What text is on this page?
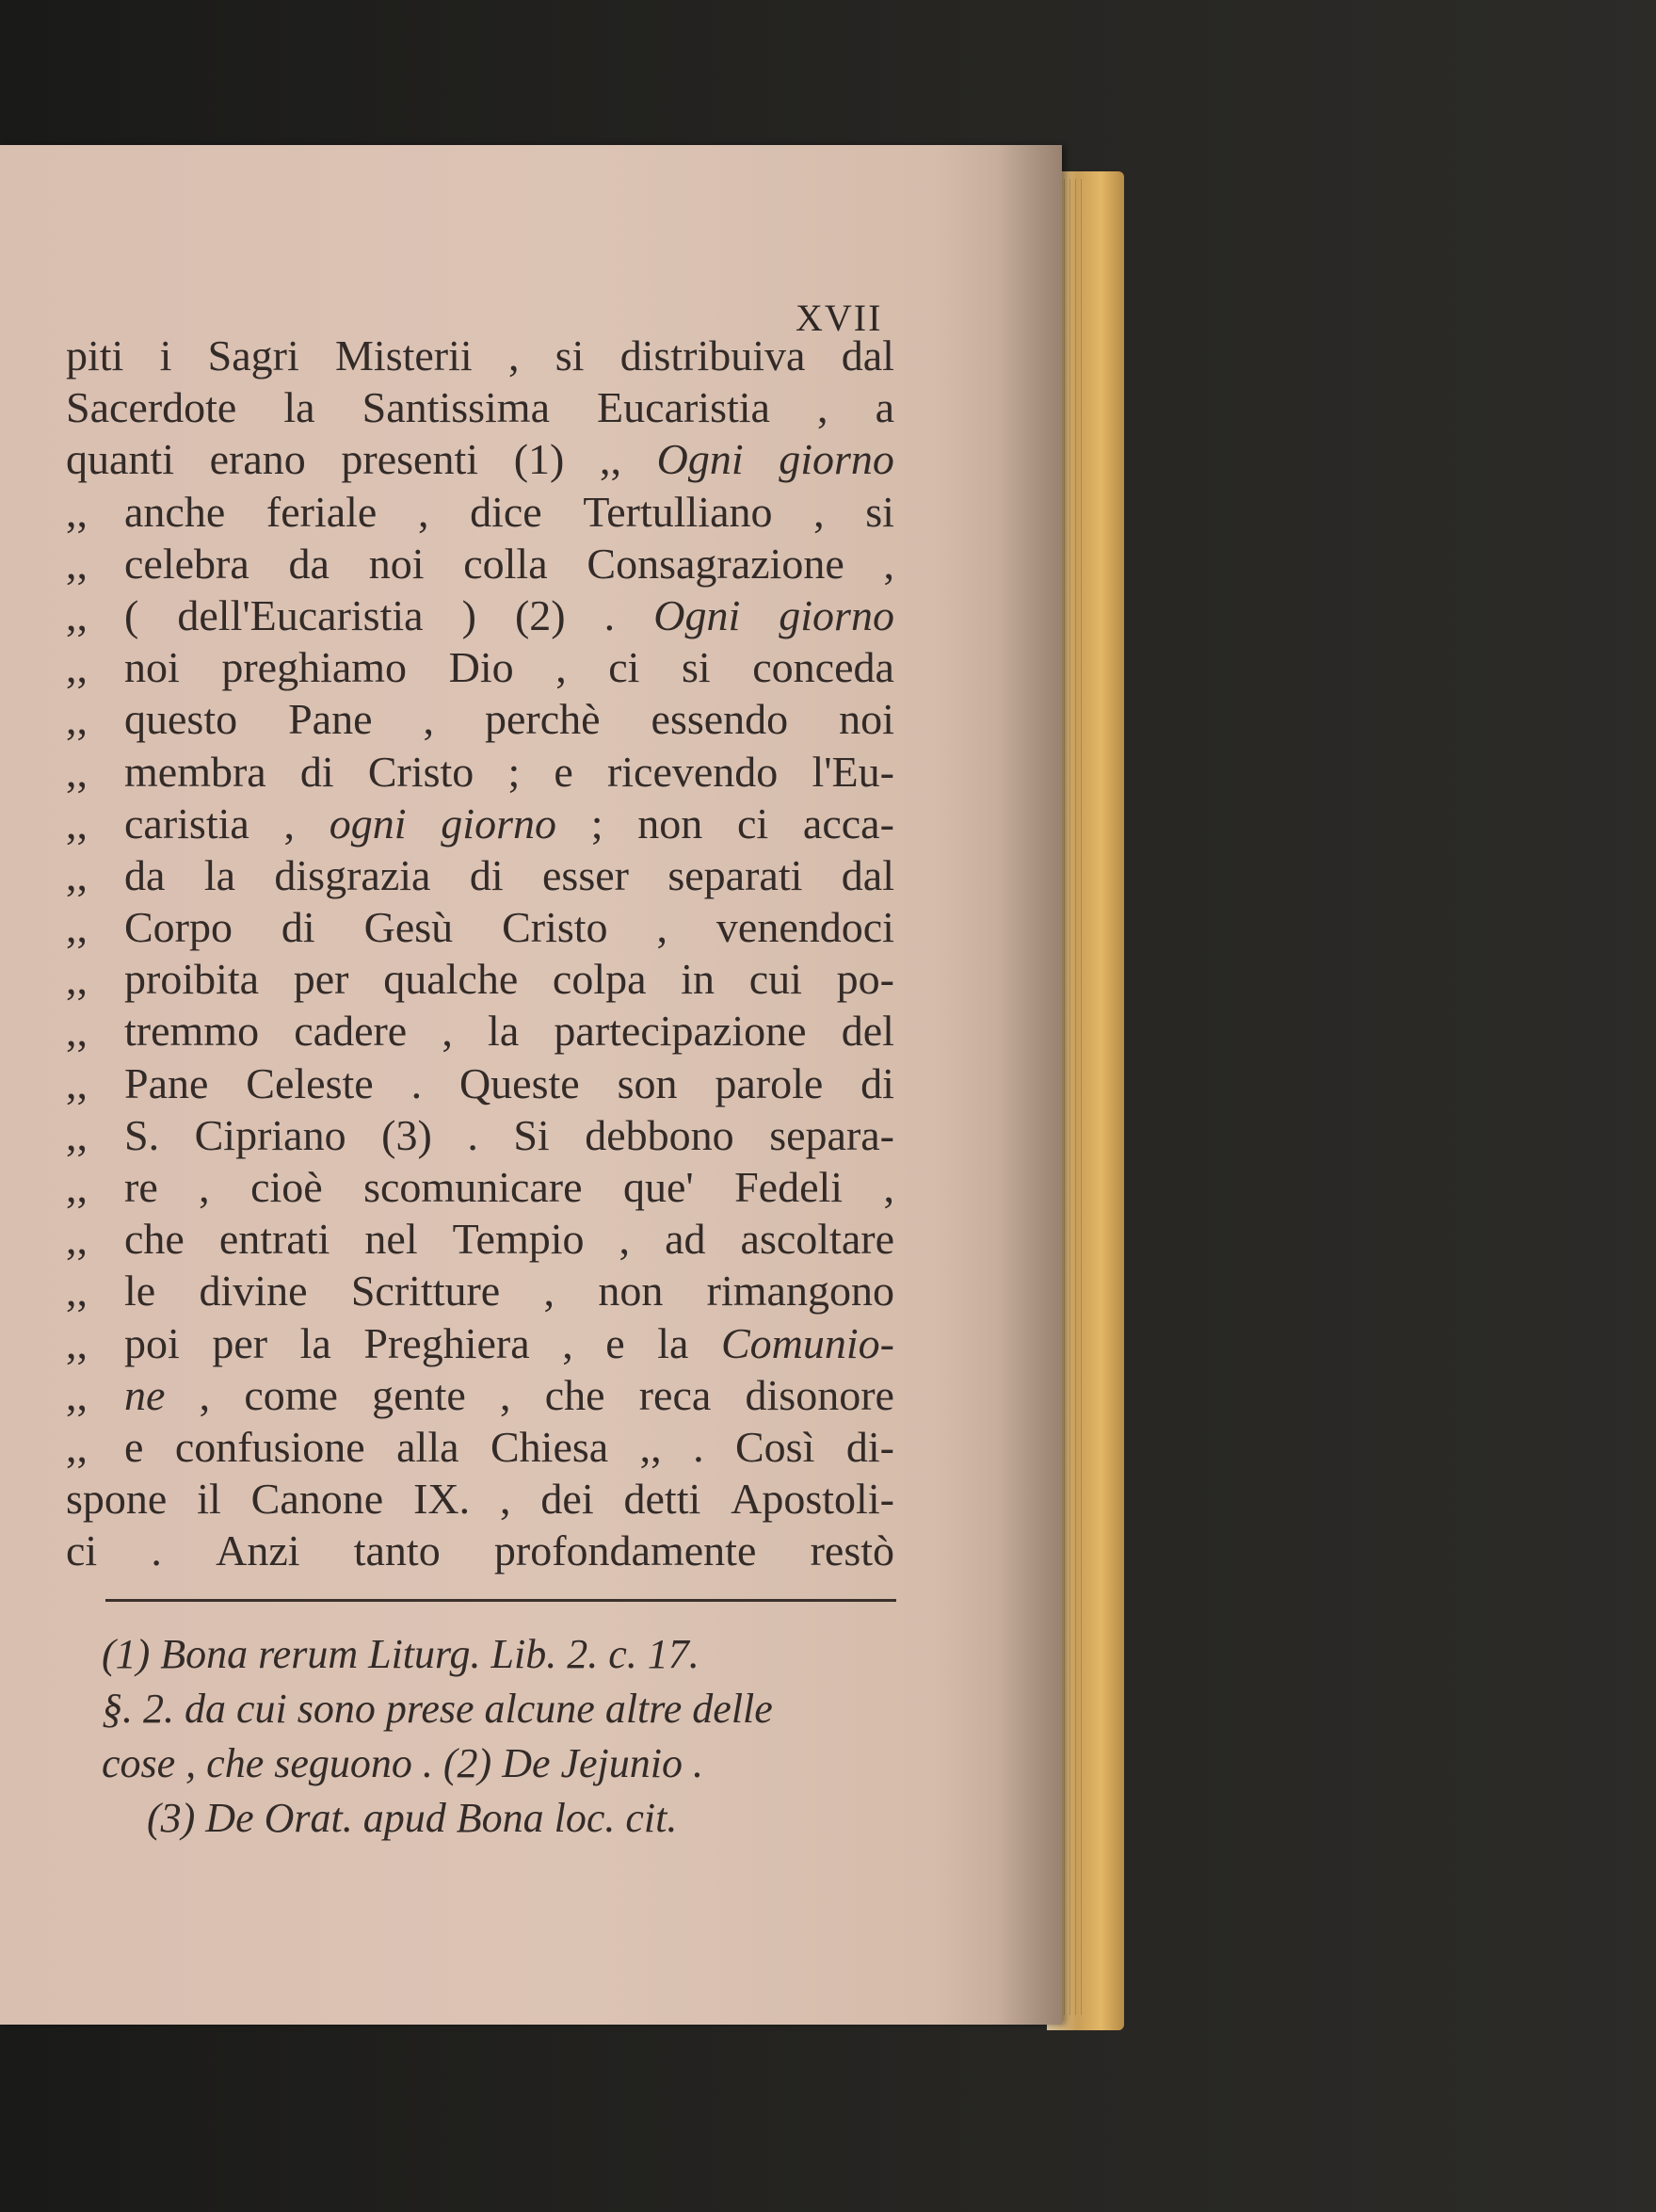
XVII
piti i Sagri Misterii , si distribuiva dal
Sacerdote la Santissima Eucaristia , a
quanti erano presenti (1) ,, Ogni giorno
,, anche feriale , dice Tertulliano , si
,, celebra da noi colla Consagrazione ,
,, ( dell'Eucaristia ) (2) . Ogni giorno
,, noi preghiamo Dio , ci si conceda
,, questo Pane , perchè essendo noi
,, membra di Cristo ; e ricevendo l'Eu-
,, caristia , ogni giorno ; non ci acca-
,, da la disgrazia di esser separati dal
,, Corpo di Gesù Cristo , venendoci
,, proibita per qualche colpa in cui po-
,, tremmo cadere , la partecipazione del
,, Pane Celeste . Queste son parole di
,, S. Cipriano (3) . Si debbono separa-
,, re , cioè scomunicare que' Fedeli ,
,, che entrati nel Tempio , ad ascoltare
,, le divine Scritture , non rimangono
,, poi per la Preghiera , e la Comunio-
,, ne , come gente , che reca disonore
,, e confusione alla Chiesa ,, . Così di-
spone il Canone IX. , dei detti Apostoli-
ci . Anzi tanto profondamente restò
(1) Bona rerum Liturg. Lib. 2. c. 17.
§. 2. da cui sono prese alcune altre delle
cose , che seguono . (2) De Jejunio .
(3) De Orat. apud Bona loc. cit.
